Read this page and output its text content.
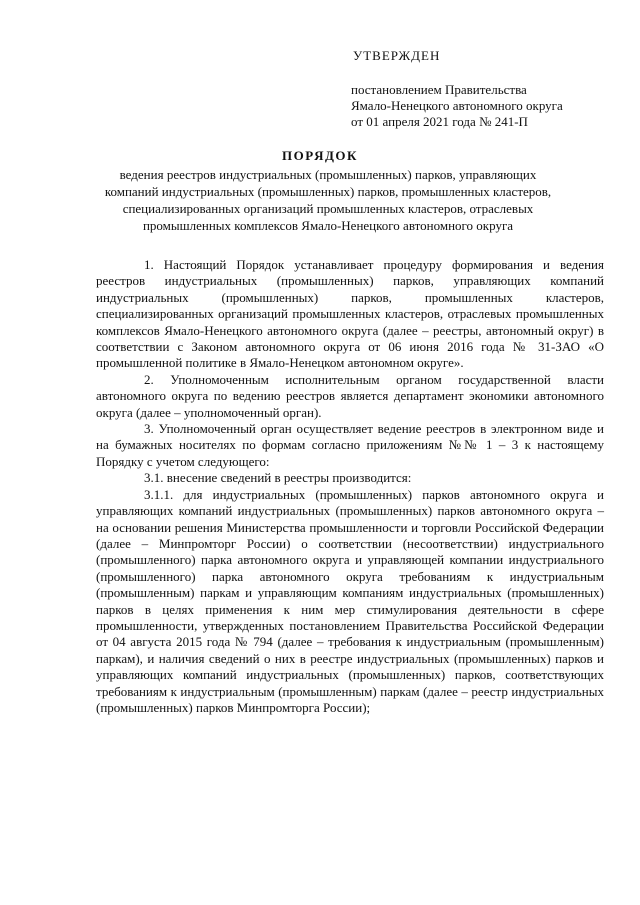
УТВЕРЖДЕН
постановлением Правительства
Ямало-Ненецкого автономного округа
от 01 апреля 2021 года № 241-П
ПОРЯДОК
ведения реестров индустриальных (промышленных) парков, управляющих
компаний индустриальных (промышленных) парков, промышленных кластеров,
специализированных организаций промышленных кластеров, отраслевых
промышленных комплексов Ямало-Ненецкого автономного округа

1. Настоящий Порядок устанавливает процедуру формирования и ведения реестров индустриальных (промышленных) парков, управляющих компаний индустриальных (промышленных) парков, промышленных кластеров, специализированных организаций промышленных кластеров, отраслевых промышленных комплексов Ямало-Ненецкого автономного округа (далее – реестры, автономный округ) в соответствии с Законом автономного округа от 06 июня 2016 года № 31-ЗАО «О промышленной политике в Ямало-Ненецком автономном округе».

2. Уполномоченным исполнительным органом государственной власти автономного округа по ведению реестров является департамент экономики автономного округа (далее – уполномоченный орган).

3. Уполномоченный орган осуществляет ведение реестров в электронном виде и на бумажных носителях по формам согласно приложениям №№ 1 – 3 к настоящему Порядку с учетом следующего:

3.1. внесение сведений в реестры производится:

3.1.1. для индустриальных (промышленных) парков автономного округа и управляющих компаний индустриальных (промышленных) парков автономного округа – на основании решения Министерства промышленности и торговли Российской Федерации (далее – Минпромторг России) о соответствии (несоответствии) индустриального (промышленного) парка автономного округа и управляющей компании индустриального (промышленного) парка автономного округа требованиям к индустриальным (промышленным) паркам и управляющим компаниям индустриальных (промышленных) парков в целях применения к ним мер стимулирования деятельности в сфере промышленности, утвержденных постановлением Правительства Российской Федерации от 04 августа 2015 года № 794 (далее – требования к индустриальным (промышленным) паркам), и наличия сведений о них в реестре индустриальных (промышленных) парков и управляющих компаний индустриальных (промышленных) парков, соответствующих требованиям к индустриальным (промышленным) паркам (далее – реестр индустриальных (промышленных) парков Минпромторга России);
